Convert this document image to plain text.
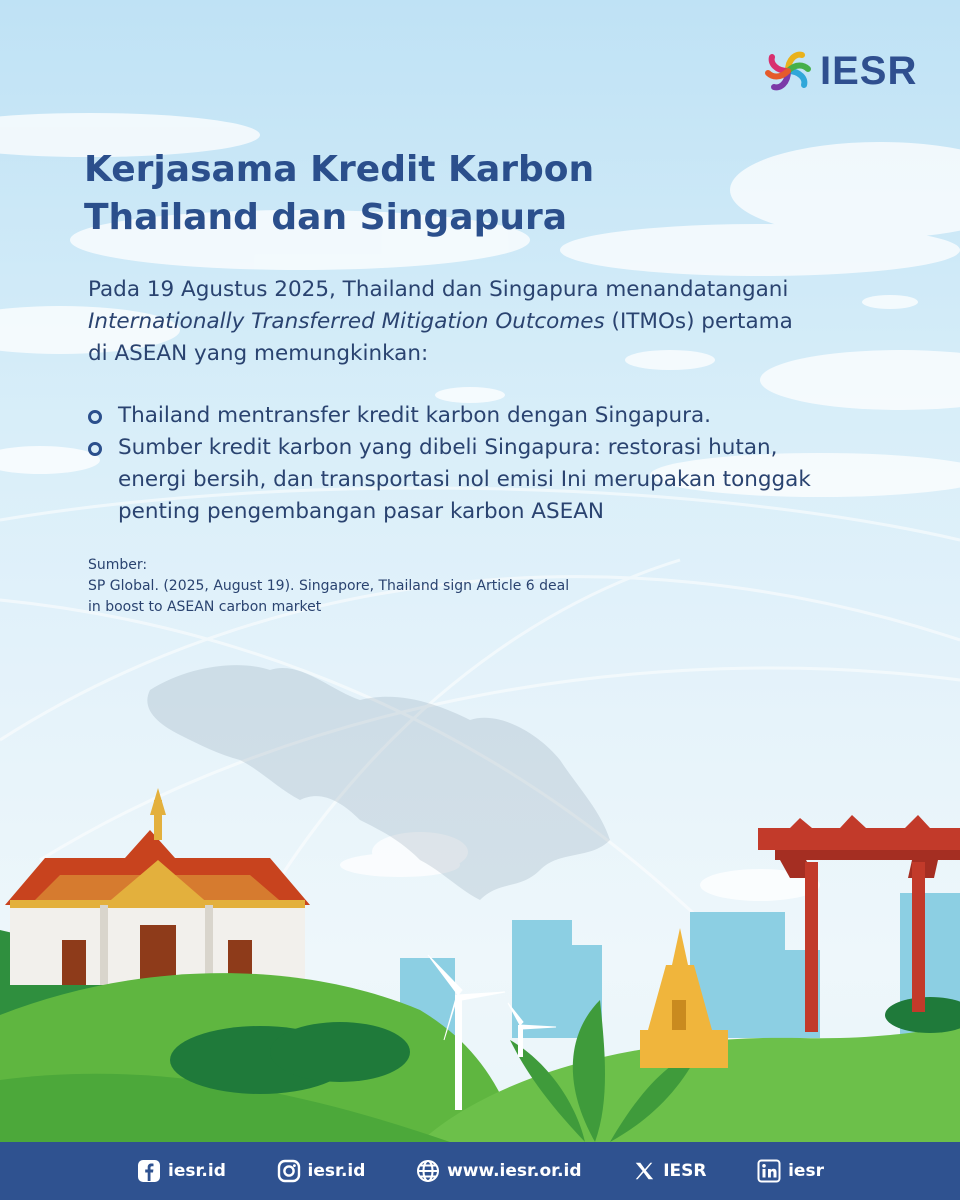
IESR
Kerjasama Kredit Karbon
Thailand dan Singapura
Pada 19 Agustus 2025, Thailand dan Singapura menandatangani
Internationally Transferred Mitigation Outcomes (ITMOs) pertama
di ASEAN yang memungkinkan:
Thailand mentransfer kredit karbon dengan Singapura.
Sumber kredit karbon yang dibeli Singapura: restorasi hutan,
energi bersih, dan transportasi nol emisi Ini merupakan tonggak
penting pengembangan pasar karbon ASEAN
Sumber:
SP Global. (2025, August 19). Singapore, Thailand sign Article 6 deal
in boost to ASEAN carbon market
iesr.id	iesr.id	www.iesr.or.id	IESR	iesr
